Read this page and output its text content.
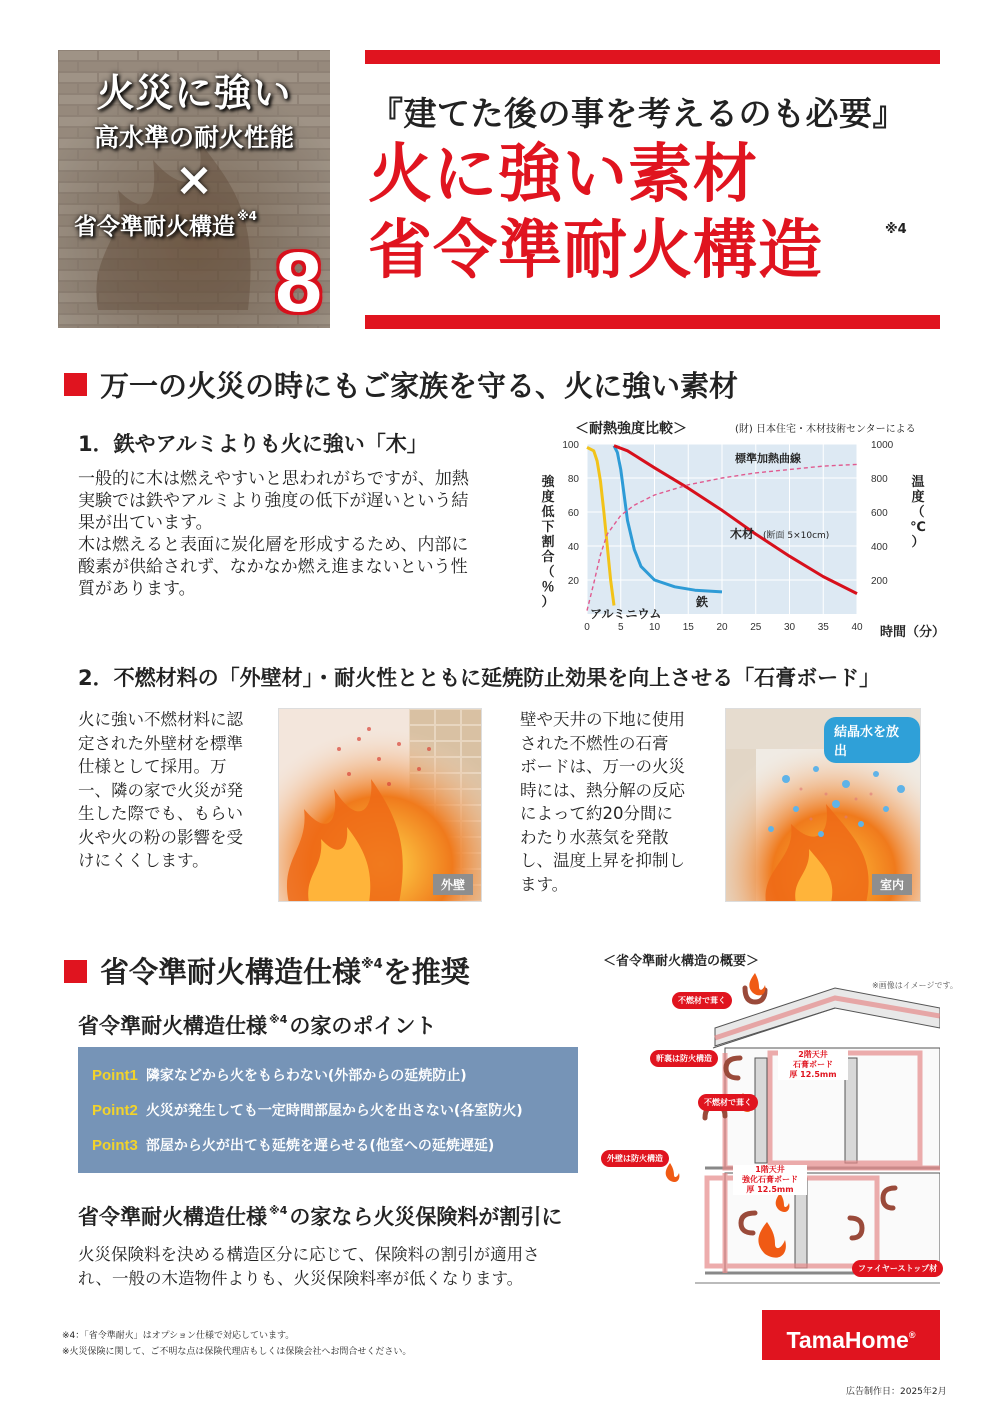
火災に強い
高水準の耐火性能
×
省令準耐火構造 $^{※4}$
8
『建てた後の事を考えるのも必要』
火に強い素材
省令準耐火構造	※4
万一の火災の時にもご家族を守る、火に強い素材
1．鉄やアルミよりも火に強い「木」
一般的に木は燃えやすいと思われがちですが、加熱
実験では鉄やアルミより強度の低下が遅いという結
果が出ています。
木は燃えると表面に炭化層を形成するため、内部に
酸素が供給されず、なかなか燃え進まないという性
質があります。
＜耐熱強度比較＞	(財) 日本住宅・木材技術センターによる
20
40
60
80
100
0	5	10 15 20 25 30 35 40
200
400
600
800
1000
強
度
低
下
割
合
（
％
）
温
度
（
℃
）
時間（分）
標準加熱曲線
木材 (断面 5×10cm)
鉄
アルミニウム
2．不燃材料の「外壁材」・耐火性とともに延焼防止効果を向上させる「石膏ボード」
火に強い不燃材料に認
定された外壁材を標準
仕様として採用。万
一、隣の家で火災が発
生した際でも、もらい
火や火の粉の影響を受
けにくくします。
外壁
壁や天井の下地に使用
された不燃性の石膏
ボードは、万一の火災
時には、熱分解の反応
によって約20分間に
わたり水蒸気を発散
し、温度上昇を抑制し
ます。
結晶水を放出
室内
省令準耐火構造仕様$^{※4}$を推奨
省令準耐火構造仕様 $^{※4}$の家のポイント
Point1 隣家などから火をもらわない(外部からの延焼防止)
Point2 火災が発生しても一定時間部屋から火を出さない(各室防火)
Point3 部屋から火が出ても延焼を遅らせる(他室への延焼遅延)
省令準耐火構造仕様 $^{※4}$の家なら火災保険料が割引に
火災保険料を決める構造区分に応じて、保険料の割引が適用さ
れ、一般の木造物件よりも、火災保険料率が低くなります。
＜省令準耐火構造の概要＞
※画像はイメージです。
不燃材で葺く
軒裏は防火構造
不燃材で葺く
外壁は防火構造
2階天井
石膏ボード
厚 12.5mm
1階天井
強化石膏ボード
厚 12.5mm
ファイヤーストップ材
※4：「省令準耐火」はオプション仕様で対応しています。
※火災保険に関して、ご不明な点は保険代理店もしくは保険会社へお問合せください。	TamaHome®
広告制作日：2025年2月
